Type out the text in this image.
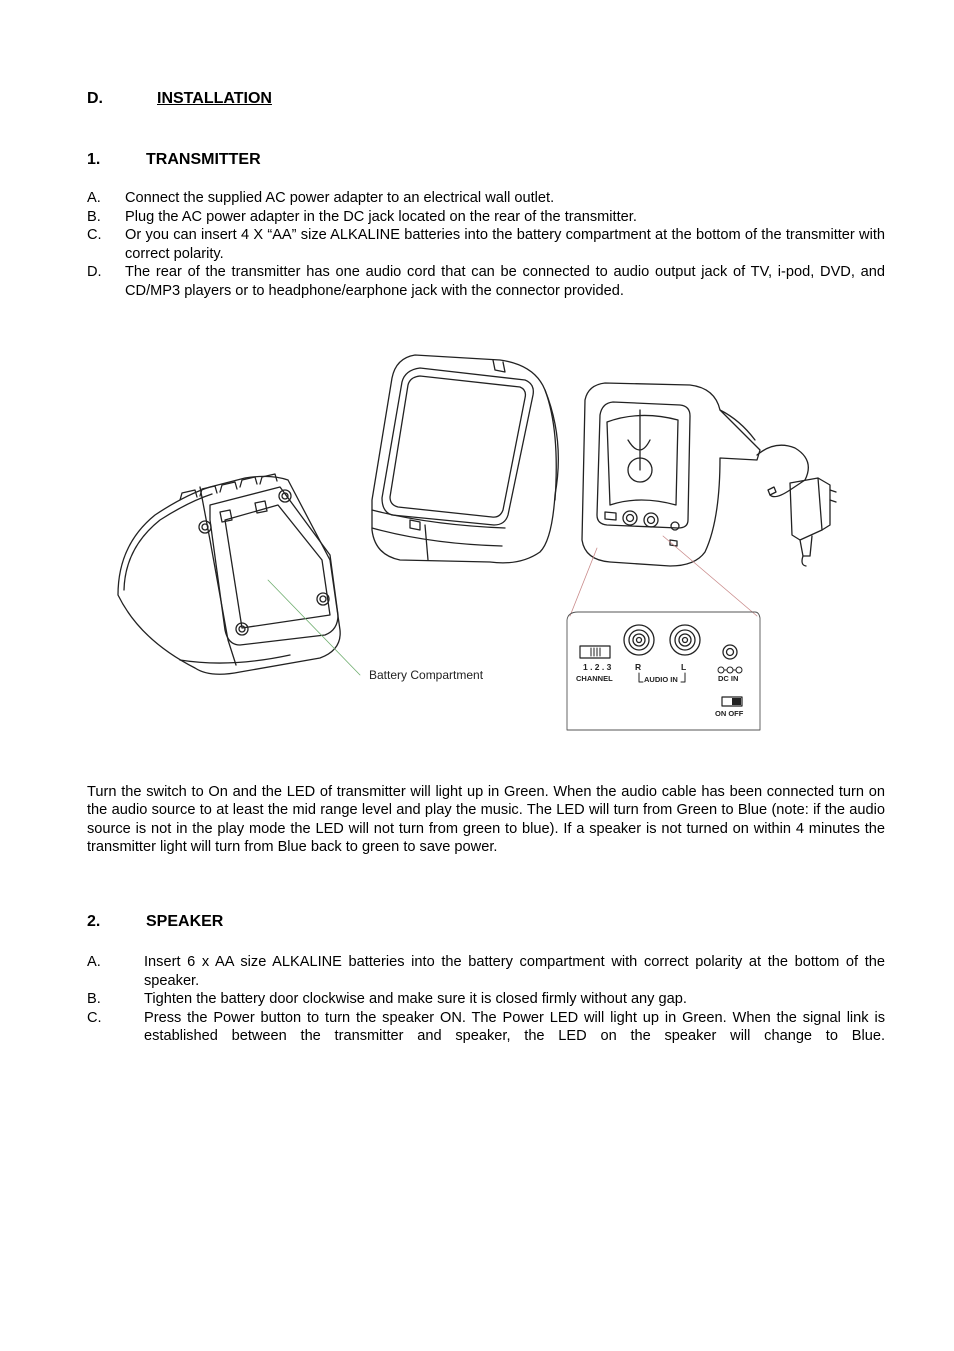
D.	INSTALLATION
1.	TRANSMITTER
A. Connect the supplied AC power adapter to an electrical wall outlet.
B. Plug the AC power adapter in the DC jack located on the rear of the transmitter.
C. Or you can insert 4 X “AA” size ALKALINE batteries into the battery compartment at the bottom of the transmitter with correct polarity.
D. The rear of the transmitter has one audio cord that can be connected to audio output jack of TV, i-pod, DVD, and CD/MP3 players or to headphone/earphone jack with the connector provided.
Battery Compartment
1 . 2 . 3
CHANNEL
R	L
AUDIO IN	DC IN
ON OFF
Turn the switch to On and the LED of transmitter will light up in Green. When the audio cable has been connected turn on the audio source to at least the mid range level and play the music. The LED will turn from Green to Blue (note: if the audio source is not in the play mode the LED will not turn from green to blue). If a speaker is not turned on within 4 minutes the transmitter light will turn from Blue back to green to save power.
2.	SPEAKER
A.	Insert 6 x AA size ALKALINE batteries into the battery compartment with correct polarity at the bottom of the speaker.
B.	Tighten the battery door clockwise and make sure it is closed firmly without any gap.
C.	Press the Power button to turn the speaker ON. The Power LED will light up in Green. When the signal link is established between the transmitter and speaker, the LED on the speaker will change to Blue.
